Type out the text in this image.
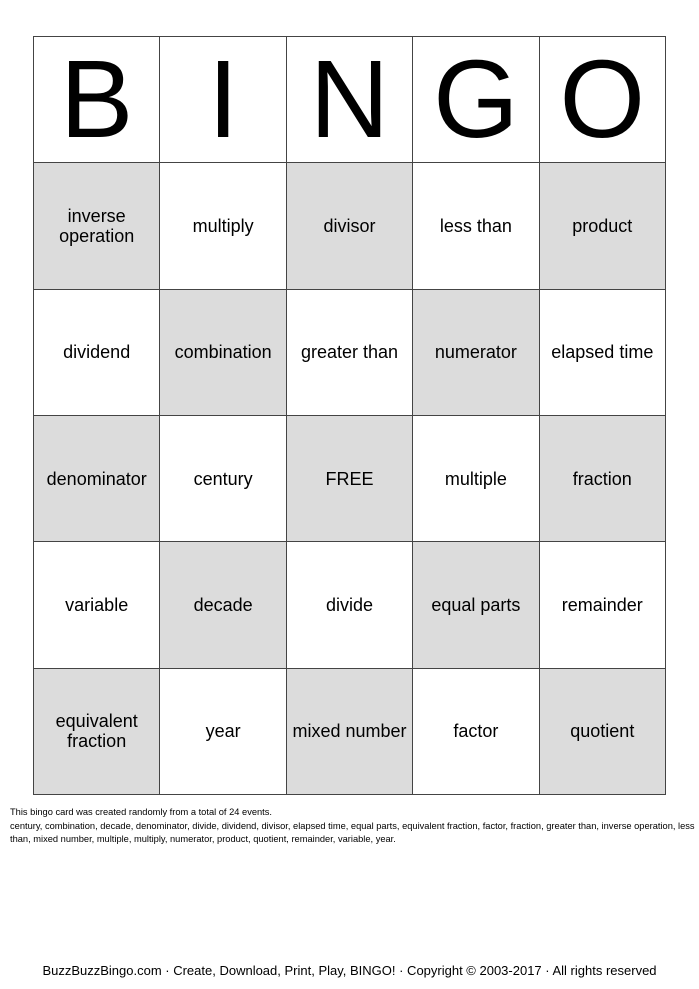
B I N G O
inverse operation	multiply	divisor	less than	product
dividend	combination	greater than	numerator	elapsed time
denominator	century	FREE	multiple	fraction
variable	decade	divide	equal parts	remainder
equivalent fraction	year	mixed number	factor	quotient
This bingo card was created randomly from a total of 24 events.
century, combination, decade, denominator, divide, dividend, divisor, elapsed time, equal parts, equivalent fraction, factor, fraction, greater than, inverse operation, less than, mixed number, multiple, multiply, numerator, product, quotient, remainder, variable, year.
BuzzBuzzBingo.com · Create, Download, Print, Play, BINGO! · Copyright © 2003-2017 · All rights reserved
